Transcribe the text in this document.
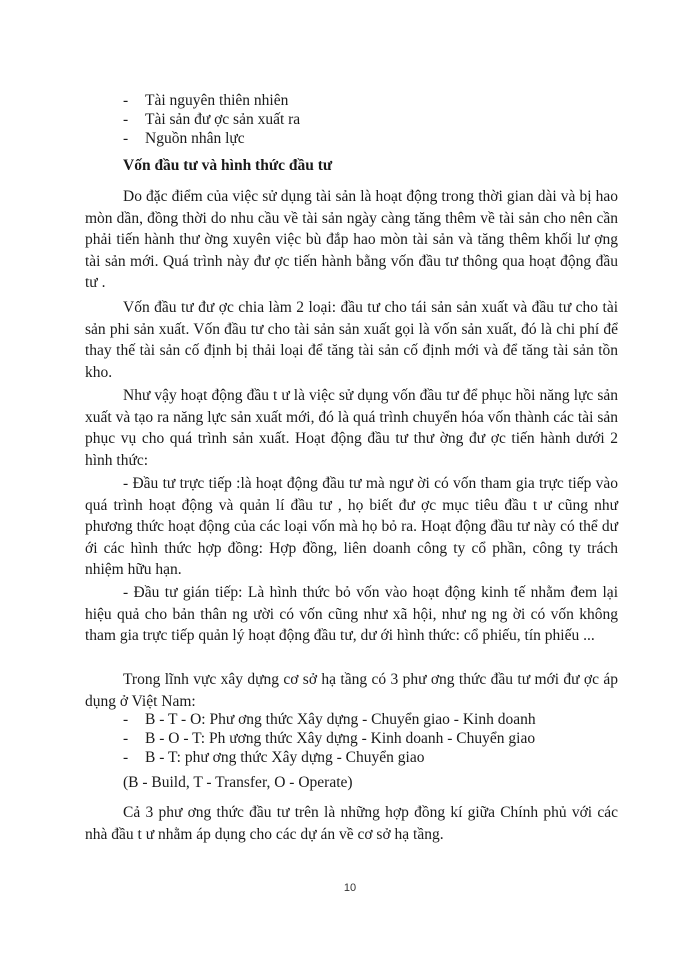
- Tài nguyên thiên nhiên
- Tài sản đư ợc sản xuất ra
- Nguồn nhân lực
Vốn đầu tư và hình thức đầu tư

Do đặc điểm của việc sử dụng tài sản là hoạt động trong thời gian dài và bị hao mòn dần, đồng thời do nhu cầu về tài sản ngày càng tăng thêm về tài sản cho nên cần phải tiến hành thư ờng xuyên việc bù đắp hao mòn tài sản và tăng thêm khối lư ợng tài sản mới. Quá trình này đư ợc tiến hành bằng vốn đầu tư thông qua hoạt động đầu tư .

Vốn đầu tư đư ợc chia làm 2 loại: đầu tư cho tái sản sản xuất và đầu tư cho tài sản phi sản xuất. Vốn đầu tư cho tài sản sản xuất gọi là vốn sản xuất, đó là chi phí để thay thế tài sản cố định bị thải loại để tăng tài sản cố định mới và để tăng tài sản tồn kho.

Như vậy hoạt động đầu t ư là việc sử dụng vốn đầu tư để phục hồi năng lực sản xuất và tạo ra năng lực sản xuất mới, đó là quá trình chuyển hóa vốn thành các tài sản phục vụ cho quá trình sản xuất. Hoạt động đầu tư thư ờng đư ợc tiến hành dưới 2 hình thức:

- Đầu tư trực tiếp :là hoạt động đầu tư mà ngư ời có vốn tham gia trực tiếp vào quá trình hoạt động và quản lí đầu tư , họ biết đư ợc mục tiêu đầu t ư cũng như phương thức hoạt động của các loại vốn mà họ bỏ ra. Hoạt động đầu tư này có thể dư ới các hình thức hợp đồng: Hợp đồng, liên doanh công ty cổ phần, công ty trách nhiệm hữu hạn.

- Đầu tư gián tiếp: Là hình thức bỏ vốn vào hoạt động kinh tế nhằm đem lại hiệu quả cho bản thân ng ười có vốn cũng như xã hội, như ng ng ời có vốn không tham gia trực tiếp quản lý hoạt động đầu tư, dư ới hình thức: cổ phiếu, tín phiếu ...

Trong lĩnh vực xây dựng cơ sở hạ tầng có 3 phư ơng thức đầu tư mới đư ợc áp dụng ở Việt Nam:

- B - T - O: Phư ơng thức Xây dựng - Chuyển giao - Kinh doanh
- B - O - T: Ph ương thức Xây dựng - Kinh doanh - Chuyển giao
- B - T: phư ơng thức Xây dựng - Chuyển giao
(B - Build, T - Transfer, O - Operate)

Cả 3 phư ơng thức đầu tư trên là những hợp đồng kí giữa Chính phủ với các nhà đầu t ư nhằm áp dụng cho các dự án về cơ sở hạ tầng.

10
